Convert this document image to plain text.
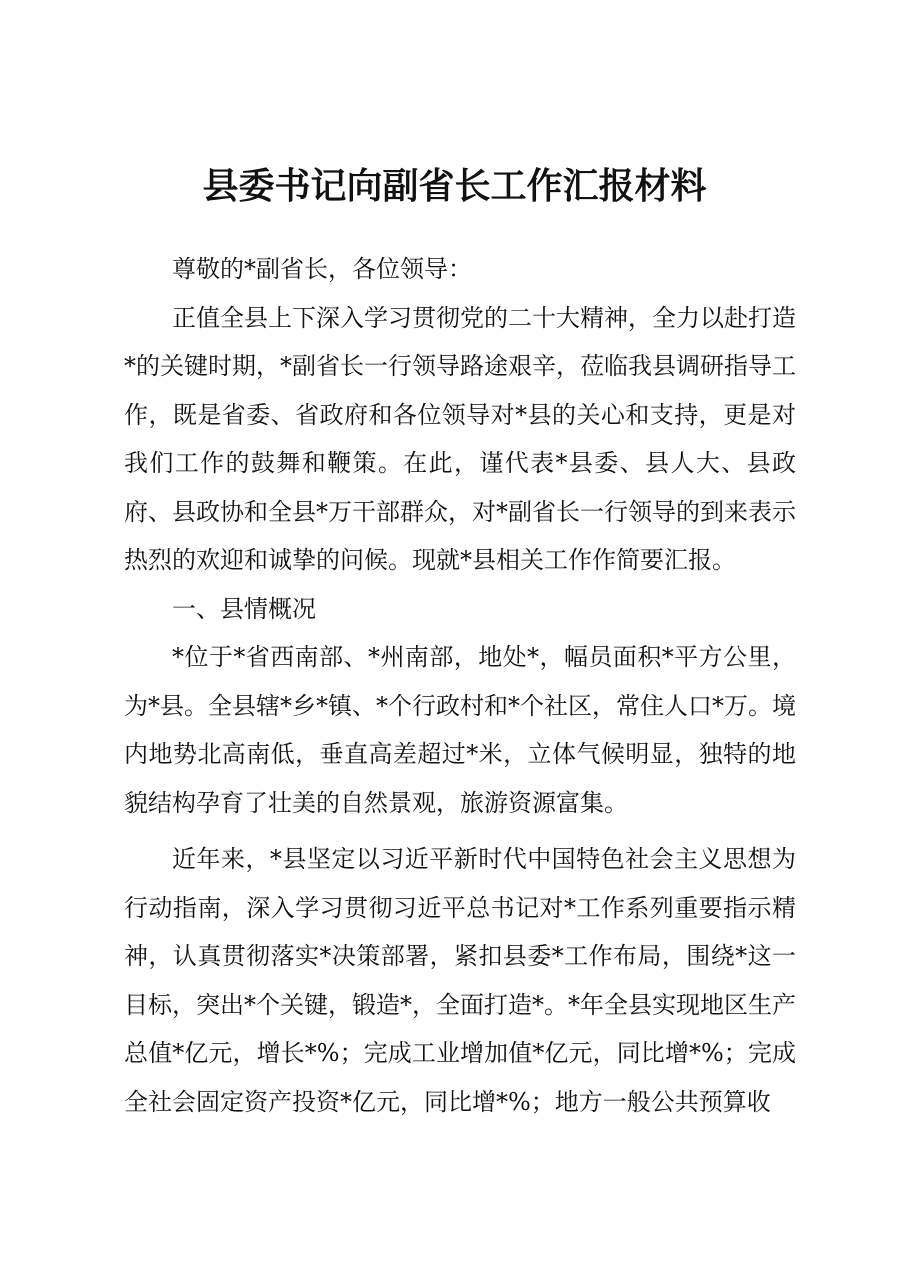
县委书记向副省长工作汇报材料

尊敬的*副省长，各位领导：

正值全县上下深入学习贯彻党的二十大精神，全力以赴打造*的关键时期，*副省长一行领导路途艰辛，莅临我县调研指导工作，既是省委、省政府和各位领导对*县的关心和支持，更是对我们工作的鼓舞和鞭策。在此，谨代表*县委、县人大、县政府、县政协和全县*万干部群众，对*副省长一行领导的到来表示热烈的欢迎和诚挚的问候。现就*县相关工作作简要汇报。

一、县情概况

*位于*省西南部、*州南部，地处*，幅员面积*平方公里，为*县。全县辖*乡*镇、*个行政村和*个社区，常住人口*万。境内地势北高南低，垂直高差超过*米，立体气候明显，独特的地貌结构孕育了壮美的自然景观，旅游资源富集。

近年来，*县坚定以习近平新时代中国特色社会主义思想为行动指南，深入学习贯彻习近平总书记对*工作系列重要指示精神，认真贯彻落实*决策部署，紧扣县委*工作布局，围绕*这一目标，突出*个关键，锻造*，全面打造*。*年全县实现地区生产总值*亿元，增长*%；完成工业增加值*亿元，同比增*%；完成全社会固定资产投资*亿元，同比增*%；地方一般公共预算收
